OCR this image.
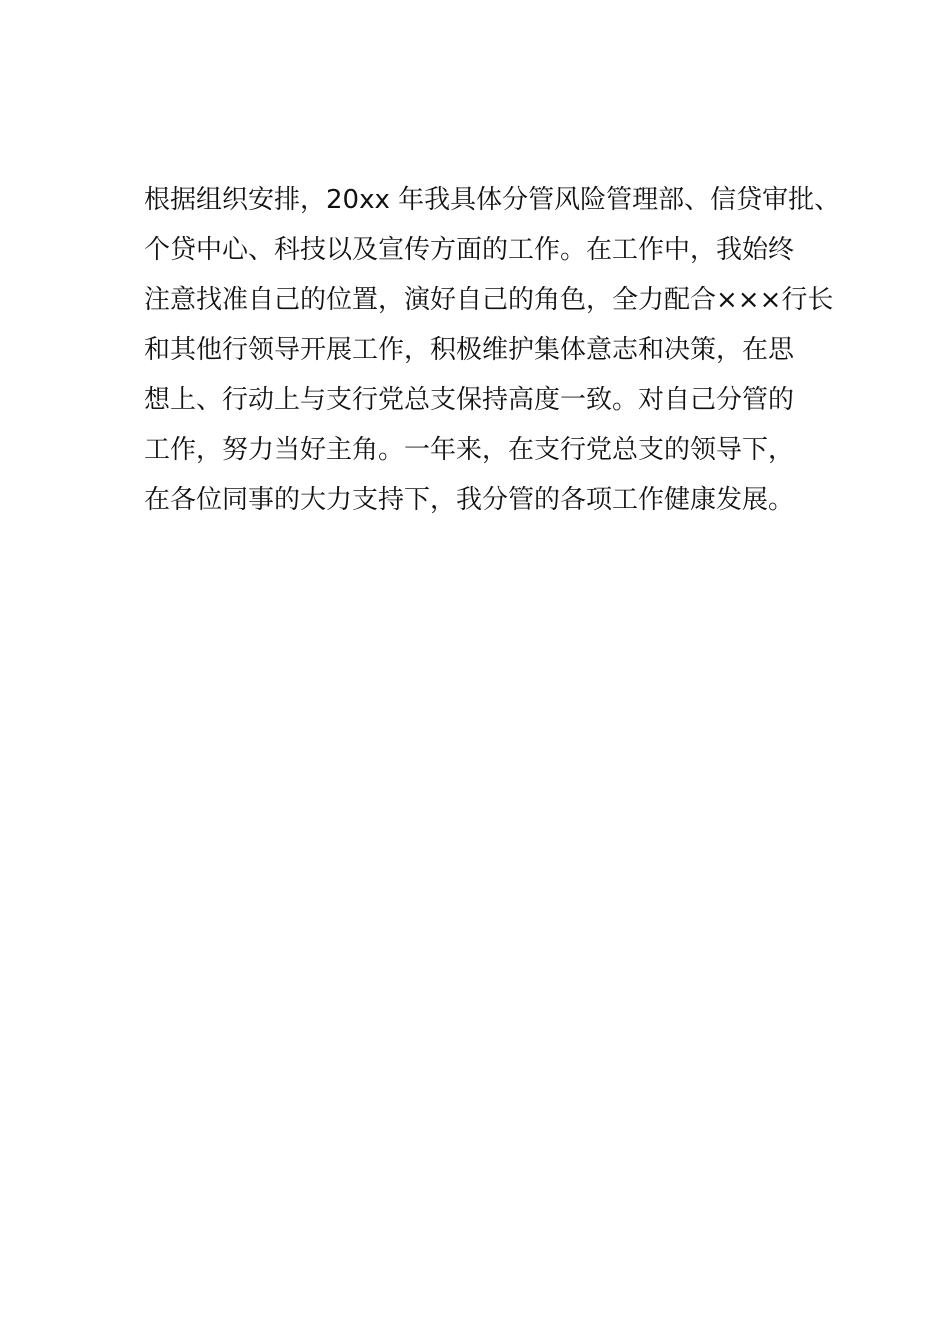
根据组织安排，20xx 年我具体分管风险管理部、信贷审批、
个贷中心、科技以及宣传方面的工作。在工作中，我始终
注意找准自己的位置，演好自己的角色，全力配合×××行长
和其他行领导开展工作，积极维护集体意志和决策，在思
想上、行动上与支行党总支保持高度一致。对自己分管的
工作，努力当好主角。一年来，在支行党总支的领导下，
在各位同事的大力支持下，我分管的各项工作健康发展。
